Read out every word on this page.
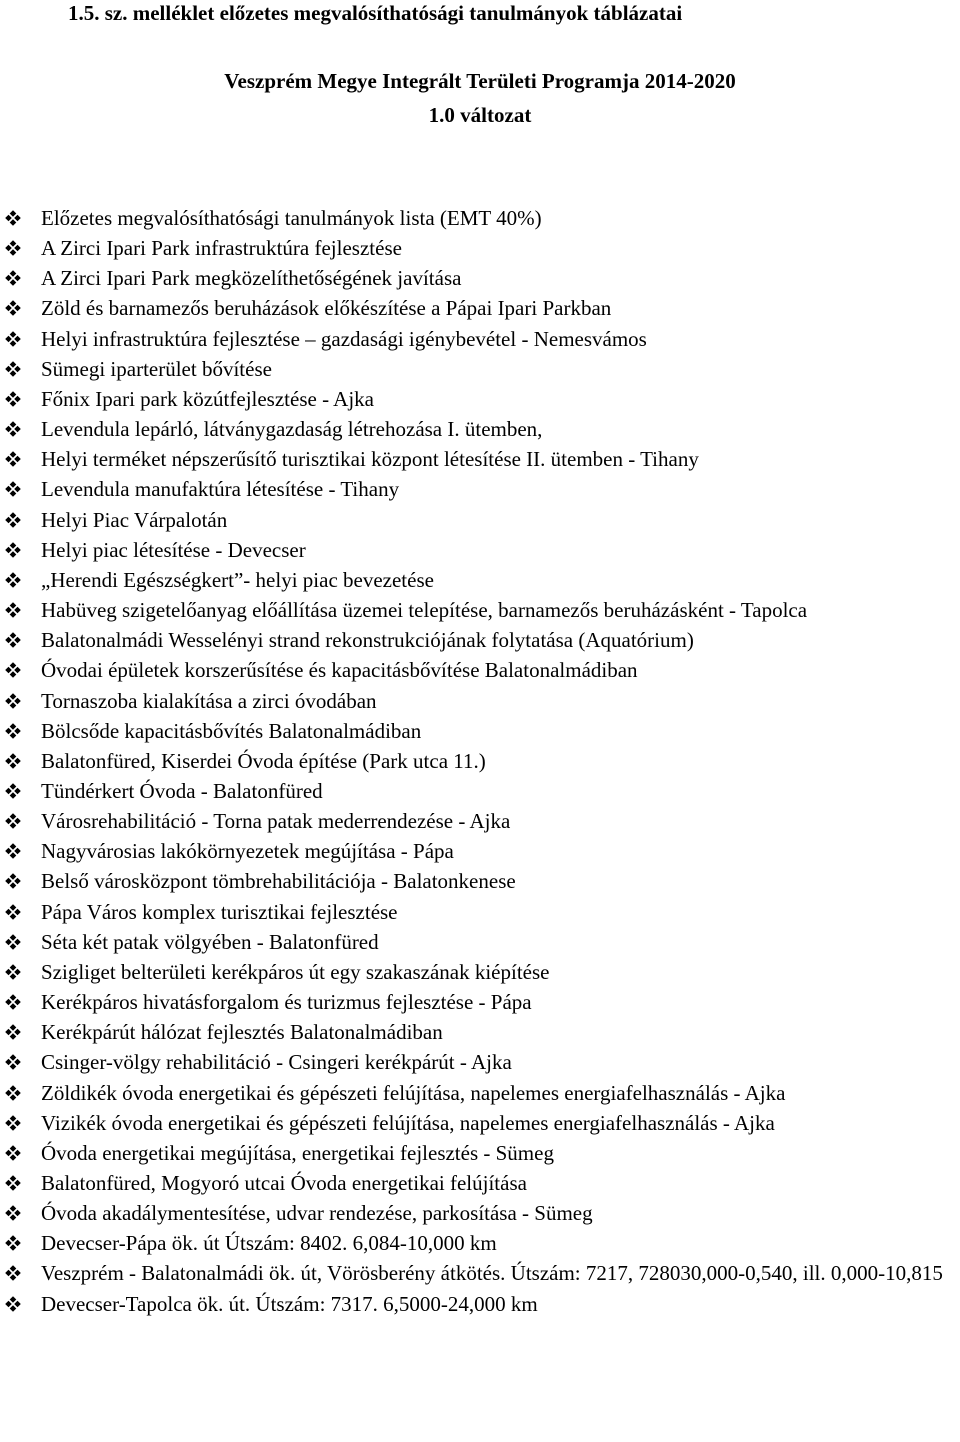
1.5. sz. melléklet előzetes megvalósíthatósági tanulmányok táblázatai
Veszprém Megye Integrált Területi Programja 2014-2020
1.0 változat
Előzetes megvalósíthatósági tanulmányok lista (EMT 40%)
A Zirci Ipari Park infrastruktúra fejlesztése
A Zirci Ipari Park megközelíthetőségének javítása
Zöld és barnamezős beruházások előkészítése a Pápai Ipari Parkban
Helyi infrastruktúra fejlesztése – gazdasági igénybevétel - Nemesvámos
Sümegi iparterület bővítése
Főnix Ipari park közútfejlesztése - Ajka
Levendula lepárló, látványgazdaság létrehozása I. ütemben,
Helyi terméket népszerűsítő turisztikai központ létesítése II. ütemben - Tihany
Levendula manufaktúra létesítése - Tihany
Helyi Piac Várpalotán
Helyi piac létesítése - Devecser
„Herendi Egészségkert”- helyi piac bevezetése
Habüveg szigetelőanyag előállítása üzemei telepítése, barnamezős beruházásként - Tapolca
Balatonalmádi Wesselényi strand rekonstrukciójának folytatása (Aquatórium)
Óvodai épületek korszerűsítése és kapacitásbővítése Balatonalmádiban
Tornaszoba kialakítása a zirci óvodában
Bölcsőde kapacitásbővítés Balatonalmádiban
Balatonfüred, Kiserdei Óvoda építése (Park utca 11.)
Tündérkert Óvoda - Balatonfüred
Városrehabilitáció - Torna patak mederrendezése - Ajka
Nagyvárosias lakókörnyezetek megújítása - Pápa
Belső városközpont tömbrehabilitációja - Balatonkenese
Pápa Város komplex turisztikai fejlesztése
Séta két patak völgyében - Balatonfüred
Szigliget belterületi kerékpáros út egy szakaszának kiépítése
Kerékpáros hivatásforgalom és turizmus fejlesztése - Pápa
Kerékpárút hálózat fejlesztés Balatonalmádiban
Csinger-völgy rehabilitáció - Csingeri kerékpárút - Ajka
Zöldikék óvoda energetikai és gépészeti felújítása, napelemes energiafelhasználás - Ajka
Vizikék óvoda energetikai és gépészeti felújítása, napelemes energiafelhasználás - Ajka
Óvoda energetikai megújítása, energetikai fejlesztés - Sümeg
Balatonfüred, Mogyoró utcai Óvoda energetikai felújítása
Óvoda akadálymentesítése, udvar rendezése, parkosítása - Sümeg
Devecser-Pápa ök. út Útszám: 8402. 6,084-10,000 km
Veszprém - Balatonalmádi ök. út, Vörösberény átkötés. Útszám: 7217, 728030,000-0,540, ill. 0,000-10,815
Devecser-Tapolca ök. út. Útszám: 7317. 6,5000-24,000 km
